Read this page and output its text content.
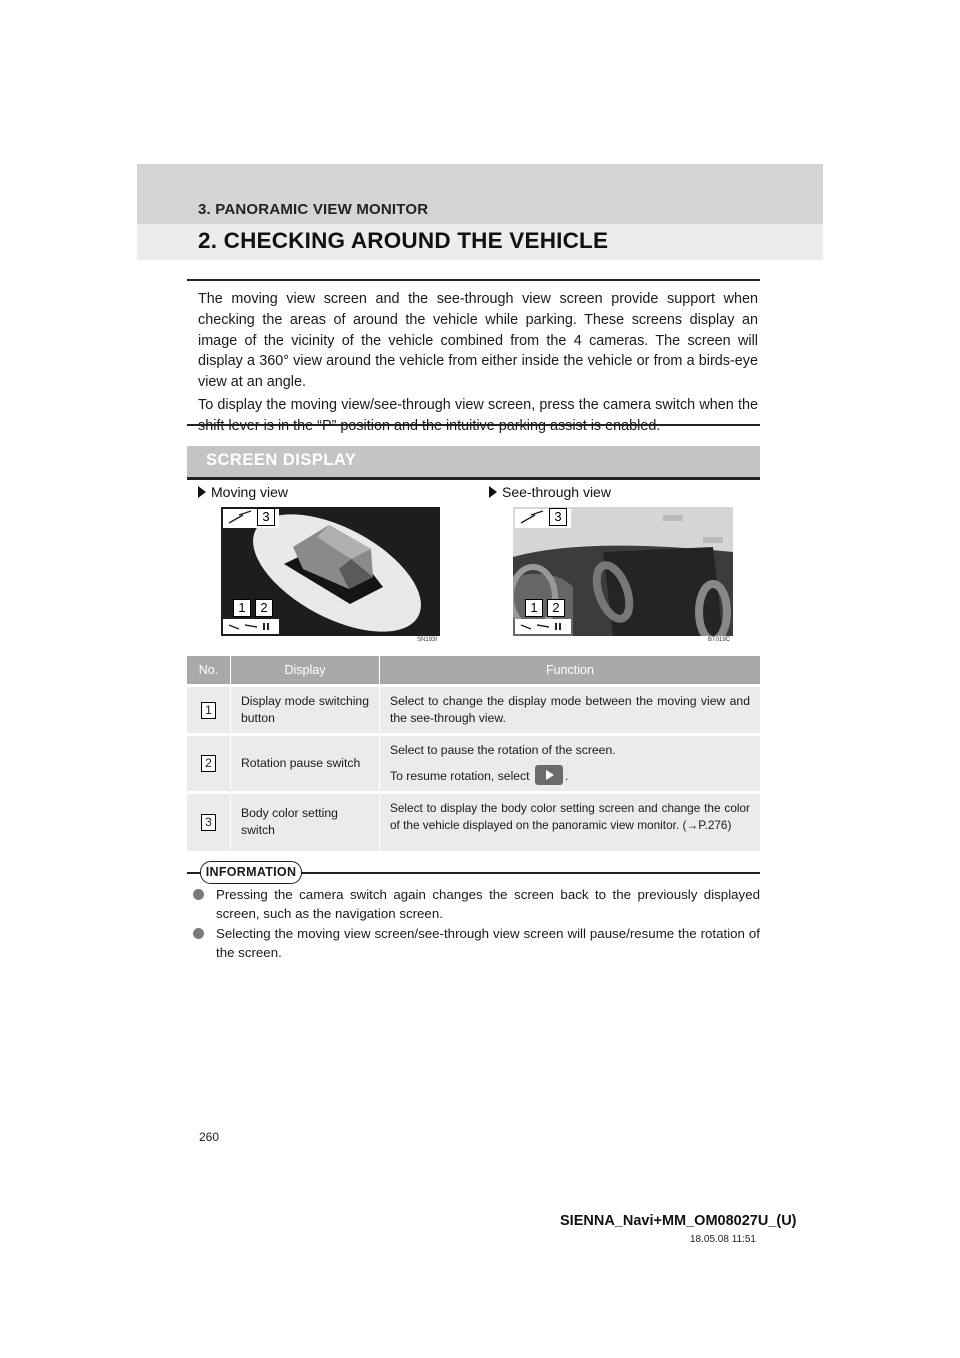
3. PANORAMIC VIEW MONITOR
2. CHECKING AROUND THE VEHICLE

The moving view screen and the see-through view screen provide support when checking the areas of around the vehicle while parking. These screens display an image of the vicinity of the vehicle combined from the 4 cameras. The screen will display a 360° view around the vehicle from either inside the vehicle or from a birds-eye view at an angle.

To display the moving view/see-through view screen, press the camera switch when the shift lever is in the “P” position and the intuitive parking assist is enabled.

SCREEN DISPLAY
Moving view	See-through view
3
1	2
SN193I
3
1	2
BT019C
No.	Display	Function
1	Display mode switching button	Select to change the display mode between the moving view and the see-through view.
2	Rotation pause switch	Select to pause the rotation of the screen.
To resume rotation, select .

3	Body color setting switch	Select to display the body color setting screen and change the color of the vehicle displayed on the panoramic view monitor. (→P.276)
INFORMATION
Pressing the camera switch again changes the screen back to the previously displayed screen, such as the navigation screen.
Selecting the moving view screen/see-through view screen will pause/resume the rotation of the screen.
260
SIENNA_Navi+MM_OM08027U_(U)
18.05.08 11:51
